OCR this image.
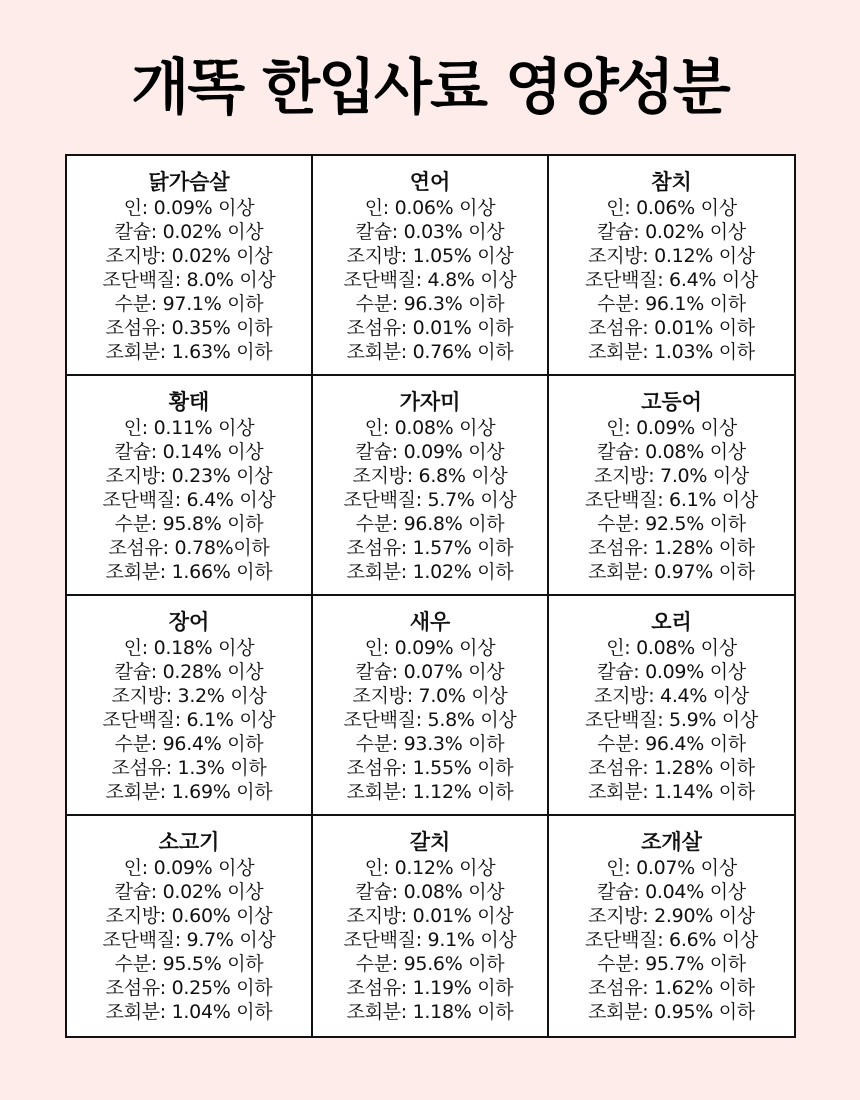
개똑 한입사료 영양성분
닭가슴살
인: 0.09% 이상
칼슘: 0.02% 이상
조지방: 0.02% 이상
조단백질: 8.0% 이상
수분: 97.1% 이하
조섬유: 0.35% 이하
조회분: 1.63% 이하
연어
인: 0.06% 이상
칼슘: 0.03% 이상
조지방: 1.05% 이상
조단백질: 4.8% 이상
수분: 96.3% 이하
조섬유: 0.01% 이하
조회분: 0.76% 이하
참치
인: 0.06% 이상
칼슘: 0.02% 이상
조지방: 0.12% 이상
조단백질: 6.4% 이상
수분: 96.1% 이하
조섬유: 0.01% 이하
조회분: 1.03% 이하
황태
인: 0.11% 이상
칼슘: 0.14% 이상
조지방: 0.23% 이상
조단백질: 6.4% 이상
수분: 95.8% 이하
조섬유: 0.78%이하
조회분: 1.66% 이하
가자미
인: 0.08% 이상
칼슘: 0.09% 이상
조지방: 6.8% 이상
조단백질: 5.7% 이상
수분: 96.8% 이하
조섬유: 1.57% 이하
조회분: 1.02% 이하
고등어
인: 0.09% 이상
칼슘: 0.08% 이상
조지방: 7.0% 이상
조단백질: 6.1% 이상
수분: 92.5% 이하
조섬유: 1.28% 이하
조회분: 0.97% 이하
장어
인: 0.18% 이상
칼슘: 0.28% 이상
조지방: 3.2% 이상
조단백질: 6.1% 이상
수분: 96.4% 이하
조섬유: 1.3% 이하
조회분: 1.69% 이하
새우
인: 0.09% 이상
칼슘: 0.07% 이상
조지방: 7.0% 이상
조단백질: 5.8% 이상
수분: 93.3% 이하
조섬유: 1.55% 이하
조회분: 1.12% 이하
오리
인: 0.08% 이상
칼슘: 0.09% 이상
조지방: 4.4% 이상
조단백질: 5.9% 이상
수분: 96.4% 이하
조섬유: 1.28% 이하
조회분: 1.14% 이하
소고기
인: 0.09% 이상
칼슘: 0.02% 이상
조지방: 0.60% 이상
조단백질: 9.7% 이상
수분: 95.5% 이하
조섬유: 0.25% 이하
조회분: 1.04% 이하
갈치
인: 0.12% 이상
칼슘: 0.08% 이상
조지방: 0.01% 이상
조단백질: 9.1% 이상
수분: 95.6% 이하
조섬유: 1.19% 이하
조회분: 1.18% 이하
조개살
인: 0.07% 이상
칼슘: 0.04% 이상
조지방: 2.90% 이상
조단백질: 6.6% 이상
수분: 95.7% 이하
조섬유: 1.62% 이하
조회분: 0.95% 이하
